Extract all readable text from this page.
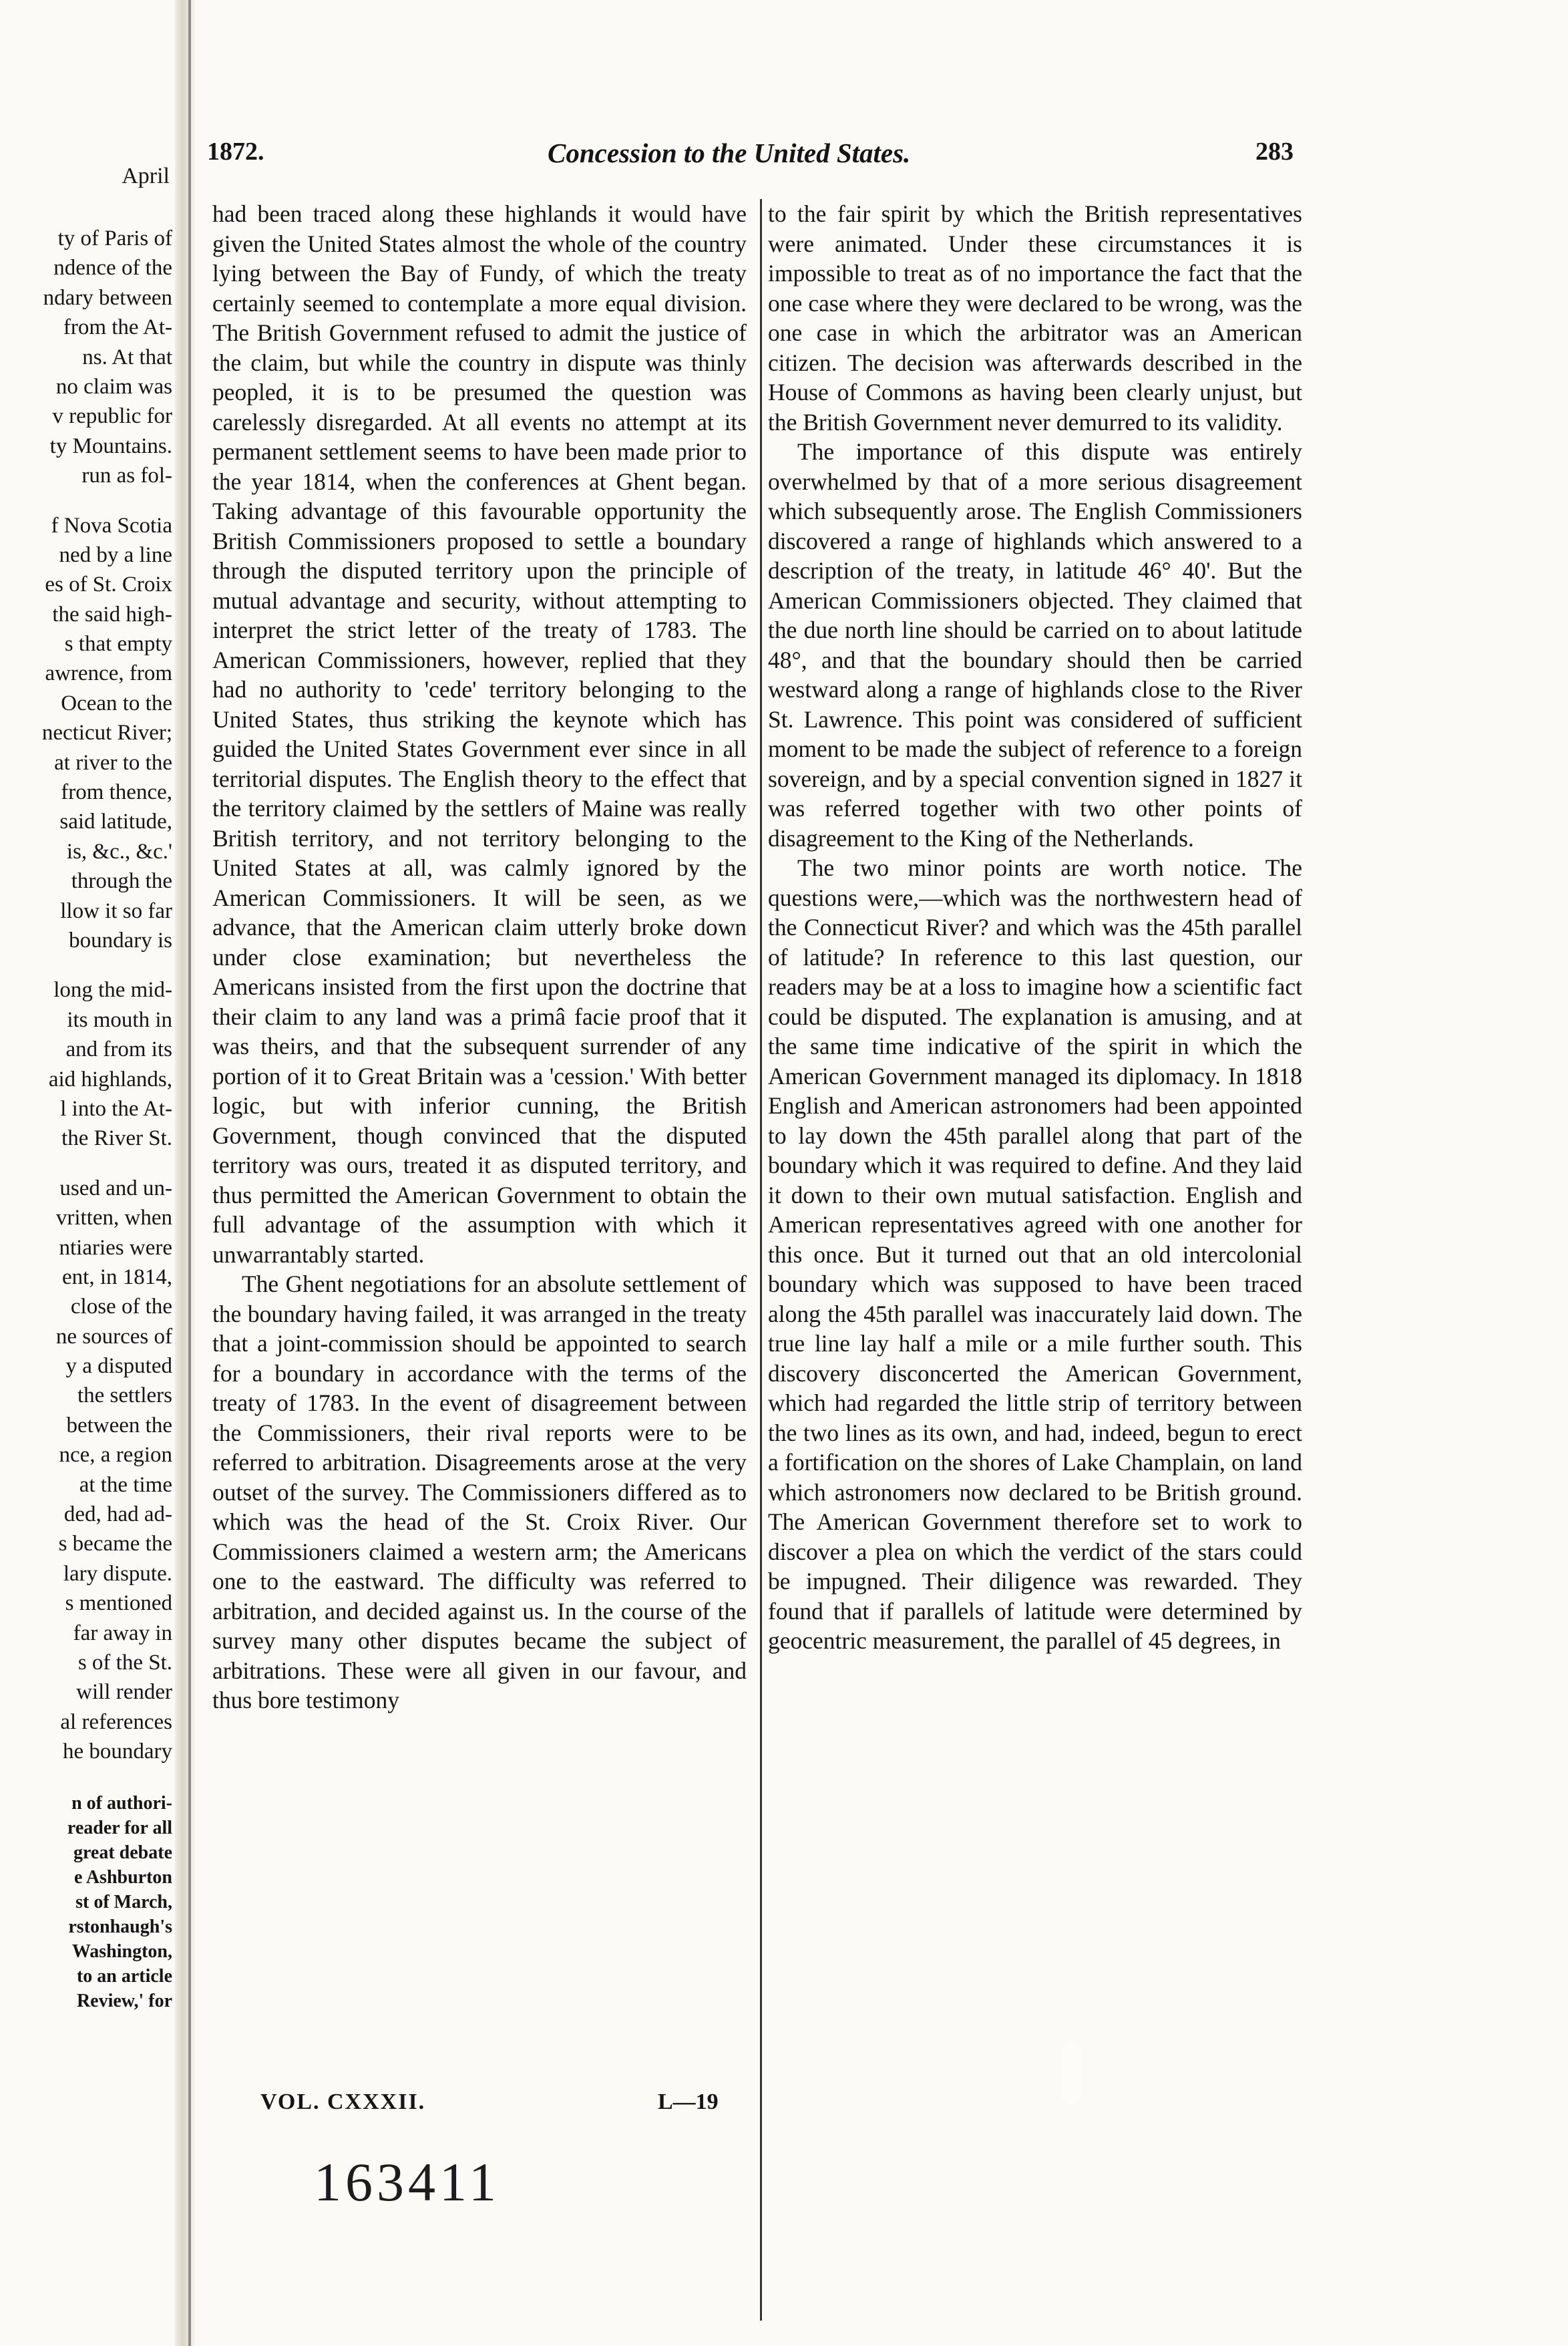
April
ty of Paris of
ndence of the
ndary between
from the At-
ns. At that
no claim was
v republic for
ty Mountains.
run as fol-
f Nova Scotia
ned by a line
es of St. Croix
the said high-
s that empty
awrence, from
Ocean to the
necticut River;
at river to the
from thence,
said latitude,
is, &c., &c.'
through the
llow it so far
boundary is
long the mid-
its mouth in
and from its
aid highlands,
l into the At-
the River St.
used and un-
vritten, when
ntiaries were
ent, in 1814,
close of the
ne sources of
y a disputed
the settlers
between the
nce, a region
at the time
ded, had ad-
s became the
lary dispute.
s mentioned
far away in
s of the St.
will render
al references
he boundary
n of authori-
reader for all
great debate
e Ashburton
st of March,
rstonhaugh's
Washington,
to an article
Review,' for
1872.	Concession to the United States.	283

had been traced along these highlands it would have given the United States almost the whole of the country lying between the Bay of Fundy, of which the treaty certainly seemed to contemplate a more equal division. The British Government refused to admit the justice of the claim, but while the country in dispute was thinly peopled, it is to be presumed the question was carelessly disregarded. At all events no attempt at its permanent settlement seems to have been made prior to the year 1814, when the conferences at Ghent began. Taking advantage of this favourable opportunity the British Commissioners proposed to settle a boundary through the disputed territory upon the principle of mutual advantage and security, without attempting to interpret the strict letter of the treaty of 1783. The American Commissioners, however, replied that they had no authority to 'cede' territory belonging to the United States, thus striking the keynote which has guided the United States Government ever since in all territorial disputes. The English theory to the effect that the territory claimed by the settlers of Maine was really British territory, and not territory belonging to the United States at all, was calmly ignored by the American Commissioners. It will be seen, as we advance, that the American claim utterly broke down under close examination; but nevertheless the Americans insisted from the first upon the doctrine that their claim to any land was a primâ facie proof that it was theirs, and that the subsequent surrender of any portion of it to Great Britain was a 'cession.' With better logic, but with inferior cunning, the British Government, though convinced that the disputed territory was ours, treated it as disputed territory, and thus permitted the American Government to obtain the full advantage of the assumption with which it unwarrantably started.

The Ghent negotiations for an absolute settlement of the boundary having failed, it was arranged in the treaty that a joint-commission should be appointed to search for a boundary in accordance with the terms of the treaty of 1783. In the event of disagreement between the Commissioners, their rival reports were to be referred to arbitration. Disagreements arose at the very outset of the survey. The Commissioners differed as to which was the head of the St. Croix River. Our Commissioners claimed a western arm; the Americans one to the eastward. The difficulty was referred to arbitration, and decided against us. In the course of the survey many other disputes became the subject of arbitrations. These were all given in our favour, and thus bore testimony

to the fair spirit by which the British representatives were animated. Under these circumstances it is impossible to treat as of no importance the fact that the one case where they were declared to be wrong, was the one case in which the arbitrator was an American citizen. The decision was afterwards described in the House of Commons as having been clearly unjust, but the British Government never demurred to its validity.

The importance of this dispute was entirely overwhelmed by that of a more serious disagreement which subsequently arose. The English Commissioners discovered a range of highlands which answered to a description of the treaty, in latitude 46° 40'. But the American Commissioners objected. They claimed that the due north line should be carried on to about latitude 48°, and that the boundary should then be carried westward along a range of highlands close to the River St. Lawrence. This point was considered of sufficient moment to be made the subject of reference to a foreign sovereign, and by a special convention signed in 1827 it was referred together with two other points of disagreement to the King of the Netherlands.

The two minor points are worth notice. The questions were,—which was the northwestern head of the Connecticut River? and which was the 45th parallel of latitude? In reference to this last question, our readers may be at a loss to imagine how a scientific fact could be disputed. The explanation is amusing, and at the same time indicative of the spirit in which the American Government managed its diplomacy. In 1818 English and American astronomers had been appointed to lay down the 45th parallel along that part of the boundary which it was required to define. And they laid it down to their own mutual satisfaction. English and American representatives agreed with one another for this once. But it turned out that an old intercolonial boundary which was supposed to have been traced along the 45th parallel was inaccurately laid down. The true line lay half a mile or a mile further south. This discovery disconcerted the American Government, which had regarded the little strip of territory between the two lines as its own, and had, indeed, begun to erect a fortification on the shores of Lake Champlain, on land which astronomers now declared to be British ground. The American Government therefore set to work to discover a plea on which the verdict of the stars could be impugned. Their diligence was rewarded. They found that if parallels of latitude were determined by geocentric measurement, the parallel of 45 degrees, in

VOL. CXXXII.	L—19
163411
